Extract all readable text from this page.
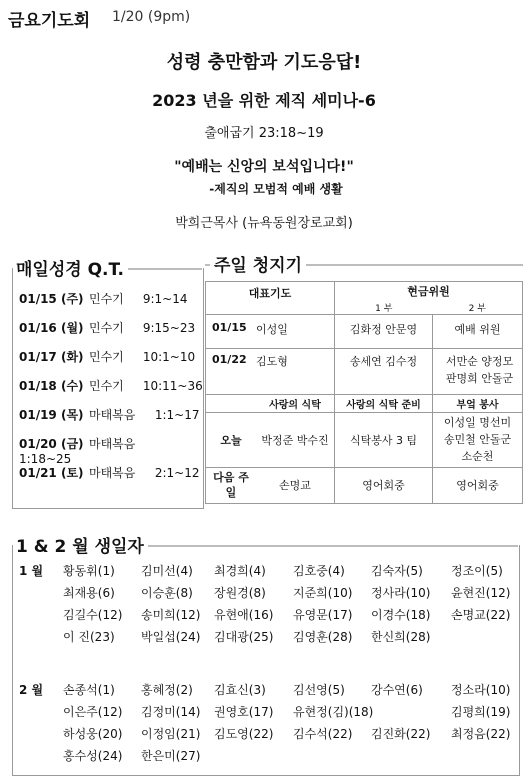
금요기도회 1/20 (9pm)
성령 충만함과 기도응답!
2023 년을 위한 제직 세미나-6
출애굽기 23:18~19
"예배는 신앙의 보석입니다!"
-제직의 모범적 예배 생활
박희근목사 (뉴욕동원장로교회)
매일성경 Q.T.
01/15 (주) 민수기 9:1~14
01/16 (월) 민수기 9:15~23
01/17 (화) 민수기 10:1~10
01/18 (수) 민수기 10:11~36
01/19 (목) 마태복음 1:1~17
01/20 (금) 마태복음 1:18~25
01/21 (토) 마태복음 2:1~12
주일 청지기
대표기도		현금위원	
		1 부	2 부
01/15	이성일	김화정 안문영	예배 위원
01/22	김도형	송세연 김수정	서만순 양정모 판명희 안돌군
	사랑의 식탁	사랑의 식탁 준비	부엌 봉사
오늘	박정준 박수진	식탁봉사 3 팀	이성일 명선미 송민철 안돌군 소순천
다음 주일	손명교	영어회중	영어회중
1 & 2 월 생일자
1 월
2 월
황동휘(1) 김미선(4) 최경희(4) 김호중(4) 김숙자(5) 정조이(5)
최재용(6) 이승훈(8) 장원경(8) 지준희(10) 정사라(10) 윤현진(12)
김길수(12) 송미희(12) 유현애(16) 유영문(17) 이경수(18) 손명교(22)
이 진(23) 박일섭(24) 김대광(25) 김영훈(28) 한신희(28)
손종석(1) 홍혜정(2) 김효신(3) 김선영(5) 강수연(6) 정소라(10)
이은주(12) 김정미(14) 권영호(17) 유현정(김)(18)	김평희(19)
하성웅(20) 이정임(21) 김도영(22) 김수석(22) 김진화(22) 최정음(22)
홍수성(24) 한은미(27)
